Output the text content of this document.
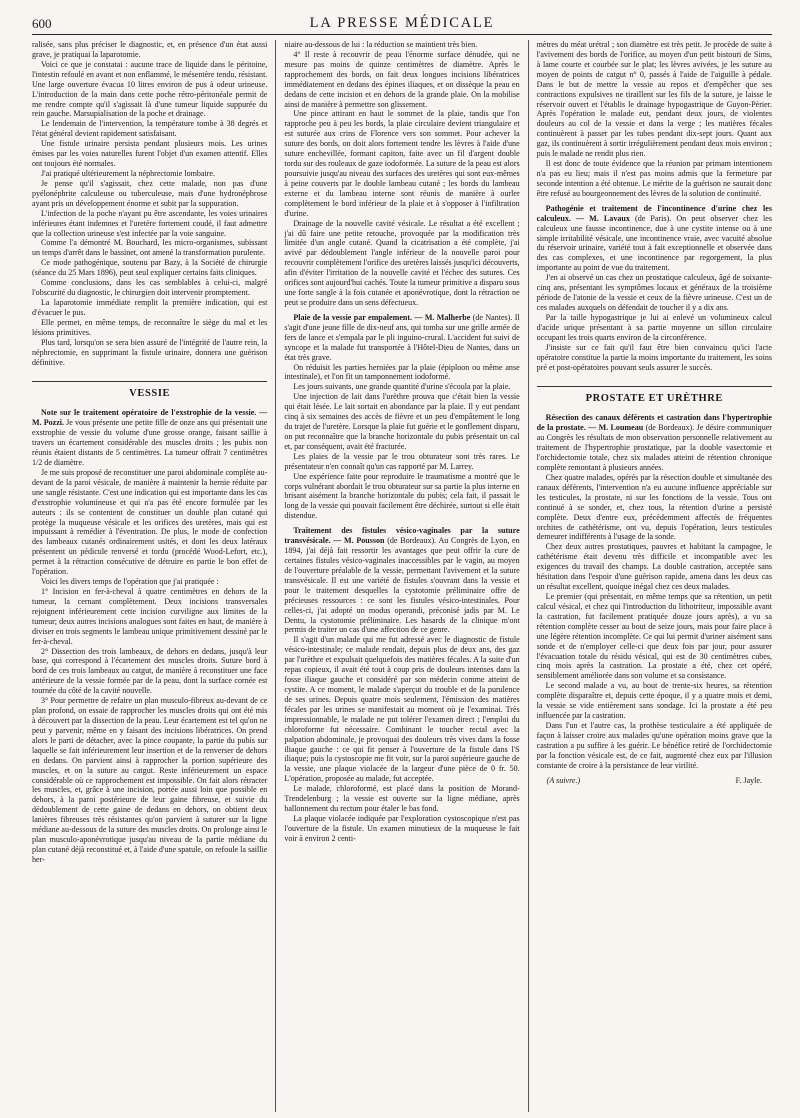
600	LA PRESSE MÉDICALE

ralisée, sans plus préciser le diagnostic, et, en présence d'un état aussi grave, je pratiquai la laparotomie.

Voici ce que je constatai : aucune trace de liquide dans le péritoine, l'intestin refoulé en avant et non enflammé, le mésentère tendu, résistant. Une large ouverture évacua 10 litres environ de pus à odeur urineuse. L'introduction de la main dans cette poche rétro-péritonéale permit de me rendre compte qu'il s'agissait là d'une tumeur liquide suppurée du rein gauche. Marsupialisation de la poche et drainage.

Le lendemain de l'intervention, la température tombe à 38 degrés et l'état général devient rapidement satisfaisant.

Une fistule urinaire persista pendant plusieurs mois. Les urines émises par les voies naturelles furent l'objet d'un examen attentif. Elles ont toujours été normales.

J'ai pratiqué ultérieurement la néphrectomie lombaire.

Je pense qu'il s'agissait, chez cette malade, non pas d'une pyélonéphrite calculeuse ou tuberculeuse, mais d'une hydronéphrose ayant pris un développement énorme et subit par la suppuration.

L'infection de la poche n'ayant pu être ascendante, les voies urinaires inférieures étant indemnes et l'uretère fortement coudé, il faut admettre que la collection urineuse s'est infectée par la voie sanguine.

Comme l'a démontré M. Bouchard, les micro-organismes, subissant un temps d'arrêt dans le bassinet, ont amené la transformation purulente.

Ce mode pathogénique, soutenu par Bazy, à la Société de chirurgie (séance du 25 Mars 1896), peut seul expliquer certains faits cliniques.

Comme conclusions, dans les cas semblables à celui-ci, malgré l'obscurité du diagnostic, le chirurgien doit intervenir promptement.

La laparotomie immédiate remplit la première indication, qui est d'évacuer le pus.

Elle permet, en même temps, de reconnaître le siège du mal et les lésions primitives.

Plus tard, lorsqu'on se sera bien assuré de l'intégrité de l'autre rein, la néphrectomie, en supprimant la fistule urinaire, donnera une guérison définitive.

VESSIE

Note sur le traitement opératoire de l'exstrophie de la vessie. — M. Pozzi. Je vous présente une petite fille de onze ans qui présentait une exstrophie de vessie du volume d'une grosse orange, faisant saillie à travers un écartement considérable des muscles droits ; les pubis non réunis étaient distants de 5 centimètres. La tumeur offrait 7 centimètres 1/2 de diamètre.

Je me suis proposé de reconstituer une paroi abdominale complète au-devant de la paroi vésicale, de manière à maintenir la hernie réduite par une sangle résistante. C'est une indication qui est importante dans les cas d'exstrophie volumineuse et qui n'a pas été encore formulée par les auteurs : ils se contentent de constituer un double plan cutané qui protège la muqueuse vésicale et les orifices des uretères, mais qui est impuissant à remédier à l'éventration. De plus, le mode de confection des lambeaux cutanés ordinairement usités, et dont les deux latéraux présentent un pédicule renversé et tordu (procédé Wood-Lefort, etc.), permet à la rétraction consécutive de détruire en partie le bon effet de l'opération.

Voici les divers temps de l'opération que j'ai pratiquée :

1° Incision en fer-à-cheval à quatre centimètres en dehors de la tumeur, la cernant complètement. Deux incisions transversales rejoignent inférieurement cette incision curviligne aux limites de la tumeur; deux autres incisions analogues sont faites en haut, de manière à diviser en trois segments le lambeau unique primitivement dessiné par le fer-à-cheval.

2° Dissection des trois lambeaux, de dehors en dedans, jusqu'à leur base, qui correspond à l'écartement des muscles droits. Suture bord à bord de ces trois lambeaux au catgut, de manière à reconstituer une face antérieure de la vessie formée par de la peau, dont la surface cornée est tournée du côté de la cavité nouvelle.

3° Pour permettre de refaire un plan musculo-fibreux au-devant de ce plan profond, on essaie de rapprocher les muscles droits qui ont été mis à découvert par la dissection de la peau. Leur écartement est tel qu'on ne peut y parvenir, même en y faisant des incisions libératrices. On prend alors le parti de détacher, avec la pince coupante, la partie du pubis sur laquelle se fait inférieurement leur insertion et de la renverser de dehors en dedans. On parvient ainsi à rapprocher la portion supérieure des muscles, et on la suture au catgut. Reste inférieurement un espace considérable où ce rapprochement est impossible. On fait alors rétracter les muscles, et, grâce à une incision, portée aussi loin que possible en dehors, à la paroi postérieure de leur gaine fibreuse, et suivie du dédoublement de cette gaine de dedans en dehors, on obtient deux lanières fibreuses très résistantes qu'on parvient à suturer sur la ligne médiane au-dessous de la suture des muscles droits. On prolonge ainsi le plan musculo-aponévrotique jusqu'au niveau de la partie médiane du plan cutané déjà reconstitué et, à l'aide d'une spatule, on refoule la saillie her-

niaire au-dessous de lui : la réduction se maintient très bien.

4° Il reste à recouvrir de peau l'énorme surface dénudée, qui ne mesure pas moins de quinze centimètres de diamètre. Après le rapprochement des bords, on fait deux longues incisions libératrices immédiatement en dedans des épines iliaques, et on dissèque la peau en dedans de cette incision et en dehors de la grande plaie. On la mobilise ainsi de manière à permettre son glissement.

Une pince attirant en haut le sommet de la plaie, tandis que l'on rapproche peu à peu les bords, la plaie circulaire devient triangulaire et est suturée aux crins de Florence vers son sommet. Pour achever la suture des bords, on doit alors fortement tendre les lèvres à l'aide d'une suture enchevillée, formant capiton, faite avec un fil d'argent double tordu sur des rouleaux de gaze iodoformée. La suture de la peau est alors poursuivie jusqu'au niveau des surfaces des uretères qui sont eux-mêmes à peine couverts par le double lambeau cutané ; les bords du lambeau externe et du lambeau interne sont réunis de manière à ourler complètement le bord inférieur de la plaie et à s'opposer à l'infiltration d'urine.

Drainage de la nouvelle cavité vésicale. Le résultat a été excellent ; j'ai dû faire une petite retouche, provoquée par la modification très limitée d'un angle cutané. Quand la cicatrisation a été complète, j'ai avivé par dédoublement l'angle inférieur de la nouvelle paroi pour recouvrir complètement l'orifice des uretères laissés jusqu'ici découverts, afin d'éviter l'irritation de la nouvelle cavité et l'échec des sutures. Ces orifices sont aujourd'hui cachés. Toute la tumeur primitive a disparu sous une forte sangle à la fois cutanée et aponévrotique, dont la rétraction ne peut se produire dans un sens défectueux.

Plaie de la vessie par empalement. — M. Malherbe (de Nantes). Il s'agit d'une jeune fille de dix-neuf ans, qui tomba sur une grille armée de fers de lance et s'empala par le pli inguino-crural. L'accident fut suivi de syncope et la malade fut transportée à l'Hôtel-Dieu de Nantes, dans un état très grave.

On réduisit les parties herniées par la plaie (épiploon ou même anse intestinale), et l'on fit un tamponnement iodoformé.

Les jours suivants, une grande quantité d'urine s'écoula par la plaie.

Une injection de lait dans l'urèthre prouva que c'était bien la vessie qui était lésée. Le lait sortait en abondance par la plaie. Il y eut pendant cinq à six semaines des accès de fièvre et un peu d'empâtement le long du trajet de l'uretère. Lorsque la plaie fut guérie et le gonflement disparu, on put reconnaître que la branche horizontale du pubis présentait un cal et, par conséquent, avait été fracturée.

Les plaies de la vessie par le trou obturateur sont très rares. Le présentateur n'en connaît qu'un cas rapporté par M. Larrey.

Une expérience faite pour reproduire le traumatisme a montré que le corps vulnérant abordait le trou obturateur sur sa partie la plus interne en brisant aisément la branche horizontale du pubis; cela fait, il passait le long de la vessie qui pouvait facilement être déchirée, surtout si elle était distendue.

Traitement des fistules vésico-vaginales par la suture transvésicale. — M. Pousson (de Bordeaux). Au Congrès de Lyon, en 1894, j'ai déjà fait ressortir les avantages que peut offrir la cure de certaines fistules vésico-vaginales inaccessibles par le vagin, au moyen de l'ouverture préalable de la vessie, permettant l'avivement et la suture transvésicale. Il est une variété de fistules s'ouvrant dans la vessie et pour le traitement desquelles la cystotomie préliminaire offre de précieuses ressources : ce sont les fistules vésico-intestinales. Pour celles-ci, j'ai adopté un modus operandi, préconisé jadis par M. Le Dentu, la cystotomie préliminaire. Les hasards de la clinique m'ont permis de traiter un cas d'une affection de ce genre.

Il s'agit d'un malade qui me fut adressé avec le diagnostic de fistule vésico-intestinale; ce malade rendait, depuis plus de deux ans, des gaz par l'urèthre et expulsait quelquefois des matières fécales. A la suite d'un repas copieux, il avait été tout à coup pris de douleurs intenses dans la fosse iliaque gauche et considéré par son médecin comme atteint de cystite. A ce moment, le malade s'aperçut du trouble et de la purulence de ses urines. Depuis quatre mois seulement, l'émission des matières fécales par les urines se manifestait au moment où je l'examinai. Très impressionnable, le malade ne put tolérer l'examen direct ; l'emploi du chloroforme fut nécessaire. Combinant le toucher rectal avec la palpation abdominale, je provoquai des douleurs très vives dans la fosse iliaque gauche : ce qui fit penser à l'ouverture de la fistule dans l'S iliaque; puis la cystoscopie me fit voir, sur la paroi supérieure gauche de la vessie, une plaque violacée de la largeur d'une pièce de 0 fr. 50. L'opération, proposée au malade, fut acceptée.

Le malade, chloroformé, est placé dans la position de Morand-Trendelenburg ; la vessie est ouverte sur la ligne médiane, après ballonnement du rectum pour étaler le bas fond.

La plaque violacée indiquée par l'exploration cystoscopique n'est pas l'ouverture de la fistule. Un examen minutieux de la muqueuse le fait voir à environ 2 centi-

mètres du méat urétral ; son diamètre est très petit. Je procède de suite à l'avivement des bords de l'orifice, au moyen d'un petit bistouri de Sims, à lame courte et courbée sur le plat; les lèvres avivées, je les suture au moyen de points de catgut n° 0, passés à l'aide de l'aiguille à pédale. Dans le but de mettre la vessie au repos et d'empêcher que ses contractions expulsives ne tiraillent sur les fils de la suture, je laisse le réservoir ouvert et l'établis le drainage hypogastrique de Guyon-Périer. Après l'opération le malade eut, pendant deux jours, de violentes douleurs au col de la vessie et dans la verge ; les matières fécales continuèrent à passer par les tubes pendant dix-sept jours. Quant aux gaz, ils continuèrent à sortir irrégulièrement pendant deux mois environ ; puis le malade ne rendit plus rien.

Il est donc de toute évidence que la réunion par primam intentionem n'a pas eu lieu; mais il n'est pas moins admis que la fermeture par seconde intention a été obtenue. Le mérite de la guérison ne saurait donc être refusé au bourgeonnement des lèvres de la solution de continuité.

Pathogénie et traitement de l'incontinence d'urine chez les calculeux. — M. Lavaux (de Paris). On peut observer chez les calculeux une fausse incontinence, due à une cystite intense ou à une simple irritabilité vésicale, une incontinence vraie, avec vacuité absolue du réservoir urinaire, variété tout à fait exceptionnelle et observée dans des cas complexes, et une incontinence par regorgement, la plus importante au point de vue du traitement.

J'en ai observé un cas chez un prostatique calculeux, âgé de soixante-cinq ans, présentant les symptômes locaux et généraux de la troisième période de l'atonie de la vessie et ceux de la fièvre urineuse. C'est un de ces malades auxquels on défendait de toucher il y a dix ans.

Par la taille hypogastrique je lui ai enlevé un volumineux calcul d'acide urique présentant à sa partie moyenne un sillon circulaire occupant les trois quarts environ de la circonférence.

J'insiste sur ce fait qu'il faut être bien convaincu qu'ici l'acte opératoire constitue la partie la moins importante du traitement, les soins pré et post-opératoires pouvant seuls assurer le succès.

PROSTATE ET URÈTHRE

Résection des canaux déférents et castration dans l'hypertrophie de la prostate. — M. Loumeau (de Bordeaux). Je désire communiquer au Congrès les résultats de mon observation personnelle relativement au traitement de l'hypertrophie prostatique, par la double vasectomie et l'orchidectomie totale, chez six malades atteint de rétention chronique complète remontant à plusieurs années.

Chez quatre malades, opérés par la résection double et simultanée des canaux déférents, l'intervention n'a eu aucune influence appréciable sur les testicules, la prostate, ni sur les fonctions de la vessie. Tous ont continué à se sonder, et, chez tous, la rétention d'urine a persisté complète. Deux d'entre eux, précédemment affectés de fréquentes orchites de cathétérisme, ont vu, depuis l'opération, leurs testicules demeurer indifférents à l'usage de la sonde.

Chez deux autres prostatiques, pauvres et habitant la campagne, le cathétérisme était devenu très difficile et incompatible avec les exigences du travail des champs. La double castration, acceptée sans hésitation dans l'espoir d'une guérison rapide, amena dans les deux cas un résultat excellent, quoique inégal chez ces deux malades.

Le premier (qui présentait, en même temps que sa rétention, un petit calcul vésical, et chez qui l'introduction du lithotriteur, impossible avant la castration, fut facilement pratiquée douze jours après), a vu sa rétention complète cesser au bout de seize jours, mais pour faire place à une légère rétention incomplète. Ce qui lui permit d'uriner aisément sans sonde et de n'employer celle-ci que deux fois par jour, pour assurer l'évacuation totale du résidu vésical, qui est de 30 centimètres cubes, cinq mois après la castration. La prostate a été, chez cet opéré, sensiblement améliorée dans son volume et sa consistance.

Le second malade a vu, au bout de trente-six heures, sa rétention complète disparaître et, depuis cette époque, il y a quatre mois et demi, la vessie se vide entièrement sans sondage. Ici la prostate a été peu influencée par la castration.

Dans l'un et l'autre cas, la prothèse testiculaire a été appliquée de façon à laisser croire aux malades qu'une opération moins grave que la castration a pu suffire à les guérir. Le bénéfice retiré de l'orchidectomie par la fonction vésicale est, de ce fait, augmenté chez eux par l'illusion constante de croire à la persistance de leur virilité.

(A suivre.)	F. Jayle.
